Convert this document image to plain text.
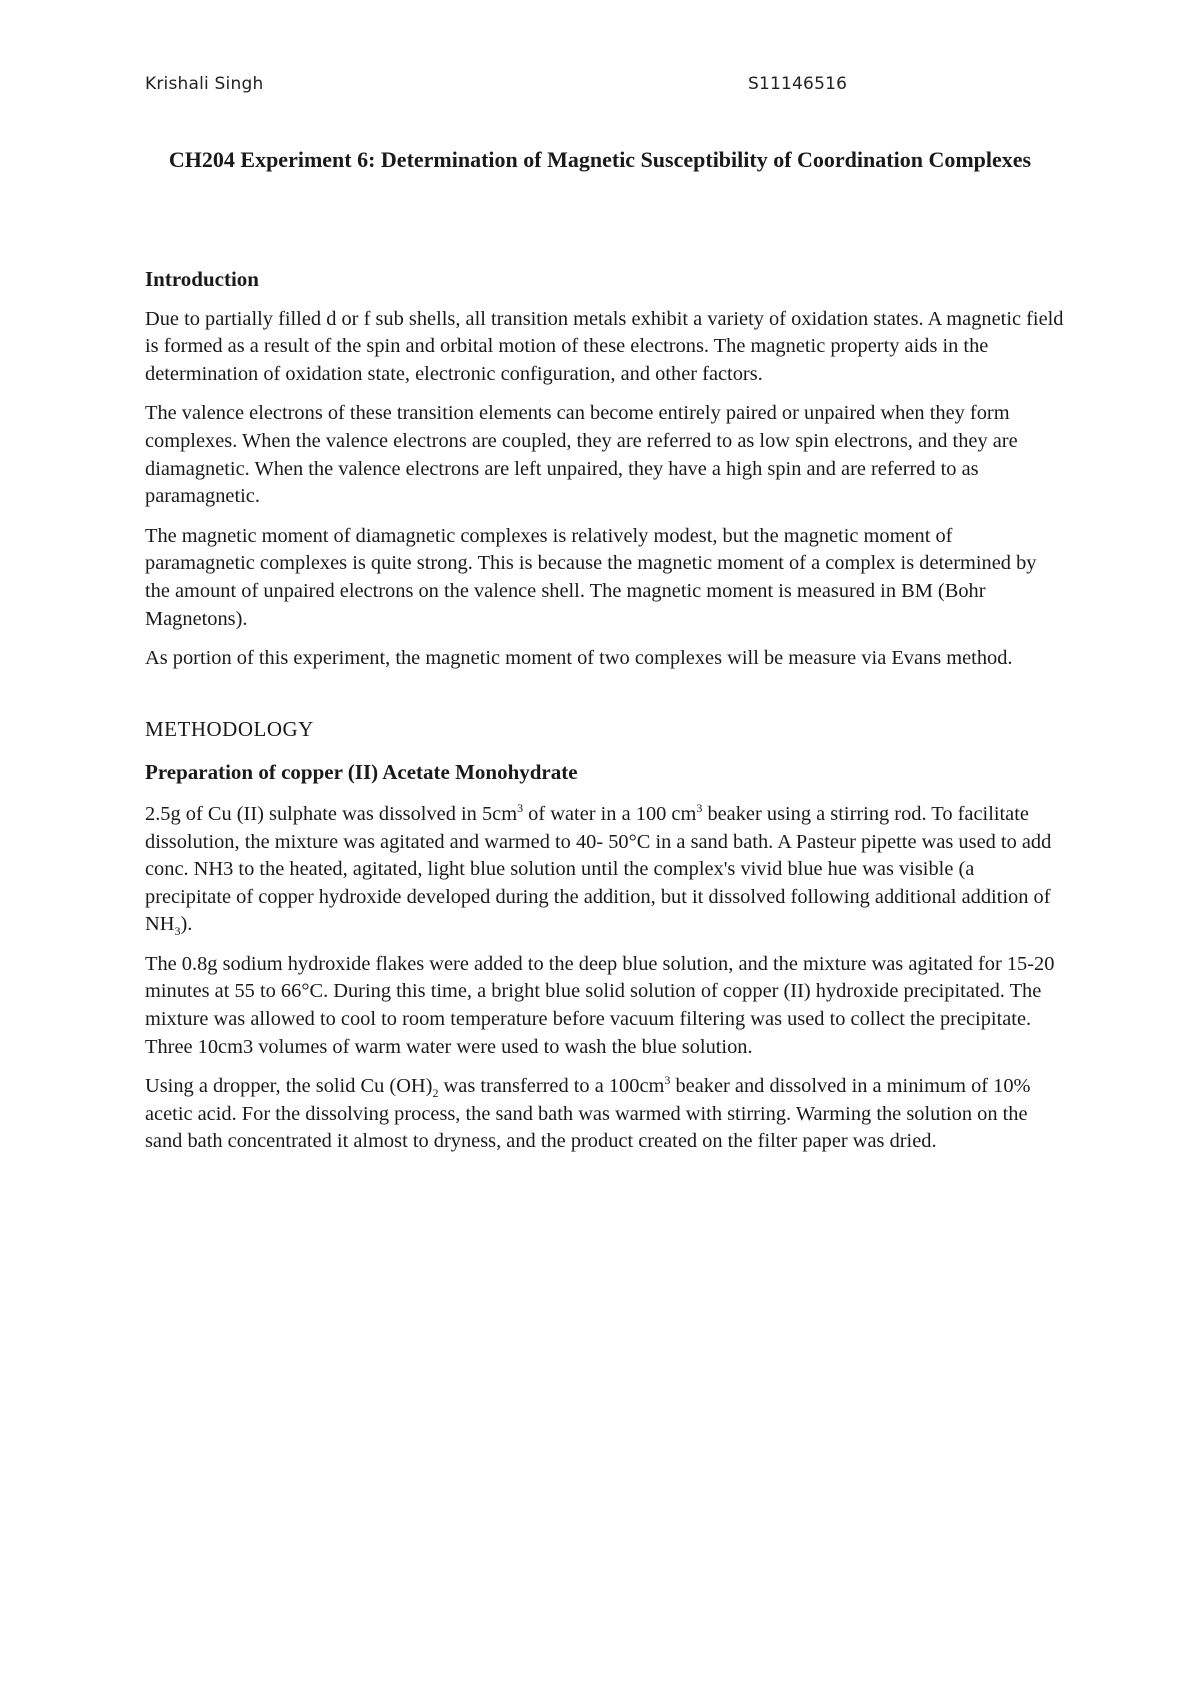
Krishali Singh	S11146516
CH204 Experiment 6: Determination of Magnetic Susceptibility of Coordination Complexes
Introduction

Due to partially filled d or f sub shells, all transition metals exhibit a variety of oxidation states. A magnetic field is formed as a result of the spin and orbital motion of these electrons. The magnetic property aids in the determination of oxidation state, electronic configuration, and other factors.

The valence electrons of these transition elements can become entirely paired or unpaired when they form complexes. When the valence electrons are coupled, they are referred to as low spin electrons, and they are diamagnetic. When the valence electrons are left unpaired, they have a high spin and are referred to as paramagnetic.

The magnetic moment of diamagnetic complexes is relatively modest, but the magnetic moment of paramagnetic complexes is quite strong. This is because the magnetic moment of a complex is determined by the amount of unpaired electrons on the valence shell. The magnetic moment is measured in BM (Bohr Magnetons).

As portion of this experiment, the magnetic moment of two complexes will be measure via Evans method.

METHODOLOGY
Preparation of copper (II) Acetate Monohydrate

2.5g of Cu (II) sulphate was dissolved in $5cm^3$ of water in a 100 $cm^3$ beaker using a stirring rod. To facilitate dissolution, the mixture was agitated and warmed to 40- 50°C in a sand bath. A Pasteur pipette was used to add conc. NH3 to the heated, agitated, light blue solution until the complex's vivid blue hue was visible (a precipitate of copper hydroxide developed during the addition, but it dissolved following additional addition of $NH_3$).

The 0.8g sodium hydroxide flakes were added to the deep blue solution, and the mixture was agitated for 15-20 minutes at 55 to 66°C. During this time, a bright blue solid solution of copper (II) hydroxide precipitated. The mixture was allowed to cool to room temperature before vacuum filtering was used to collect the precipitate. Three 10cm3 volumes of warm water were used to wash the blue solution.

Using a dropper, the solid Cu $(OH)_2$ was transferred to a $100cm^3$ beaker and dissolved in a minimum of 10% acetic acid. For the dissolving process, the sand bath was warmed with stirring. Warming the solution on the sand bath concentrated it almost to dryness, and the product created on the filter paper was dried.
